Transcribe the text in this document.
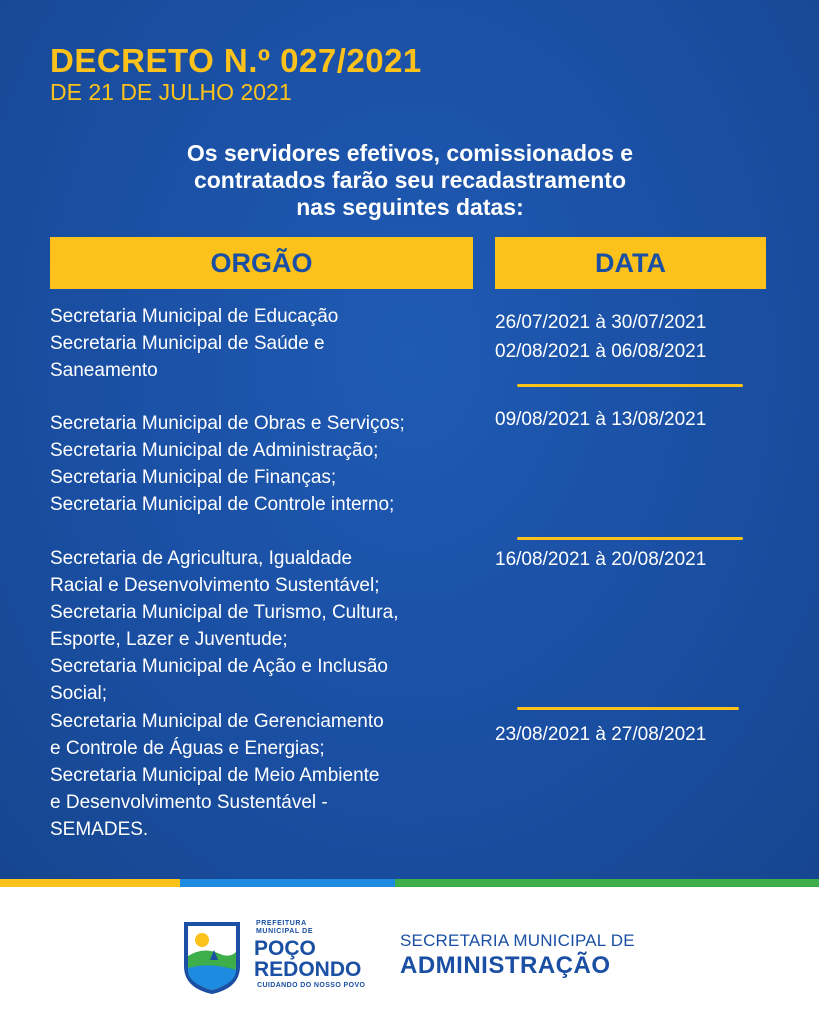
DECRETO N.º 027/2021
DE 21 DE JULHO 2021
Os servidores efetivos, comissionados e
contratados farão seu recadastramento
nas seguintes datas:
ORGÃO	DATA
Secretaria Municipal de Educação
Secretaria Municipal de Saúde e
Saneamento
26/07/2021 à 30/07/2021
02/08/2021 à 06/08/2021
Secretaria Municipal de Obras e Serviços;
Secretaria Municipal de Administração;
Secretaria Municipal de Finanças;
Secretaria Municipal de Controle interno;
09/08/2021 à 13/08/2021
Secretaria de Agricultura, Igualdade
Racial e Desenvolvimento Sustentável;
Secretaria Municipal de Turismo, Cultura,
Esporte, Lazer e Juventude;
Secretaria Municipal de Ação e Inclusão
Social;
16/08/2021 à 20/08/2021
Secretaria Municipal de Gerenciamento
e Controle de Águas e Energias;
Secretaria Municipal de Meio Ambiente
e Desenvolvimento Sustentável -
SEMADES.
23/08/2021 à 27/08/2021
PREFEITURA
MUNICIPAL DE
POÇO
REDONDO
CUIDANDO DO NOSSO POVO
SECRETARIA MUNICIPAL DE
ADMINISTRAÇÃO
